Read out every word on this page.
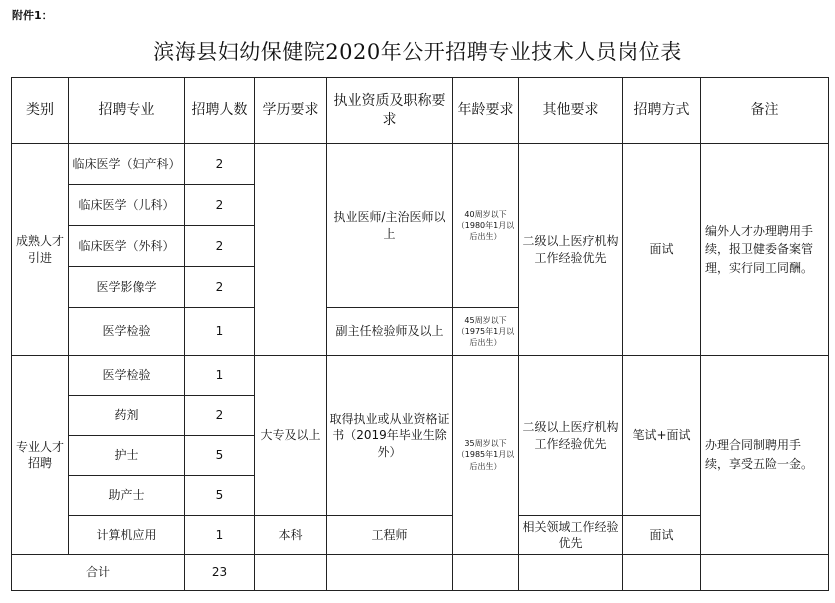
附件1：
滨海县妇幼保健院2020年公开招聘专业技术人员岗位表
类别	招聘专业	招聘人数	学历要求	执业资质及职称要求	年龄要求	其他要求	招聘方式	备注
成熟人才引进	临床医学（妇产科）	2		执业医师/主治医师以上	40周岁以下（1980年1月以后出生）	二级以上医疗机构工作经验优先	面试	编外人才办理聘用手续，报卫健委备案管理，实行同工同酬。
	临床医学（儿科）	2						
	临床医学（外科）	2						
	医学影像学	2						
	医学检验	1		副主任检验师及以上	45周岁以下（1975年1月以后出生）			
专业人才招聘	医学检验	1	大专及以上	取得执业或从业资格证书（2019年毕业生除外）	35周岁以下（1985年1月以后出生）	二级以上医疗机构工作经验优先	笔试+面试	办理合同制聘用手续，享受五险一金。
	药剂	2						
	护士	5						
	助产士	5						
	计算机应用	1	本科	工程师		相关领域工作经验优先	面试	
合计		23						
